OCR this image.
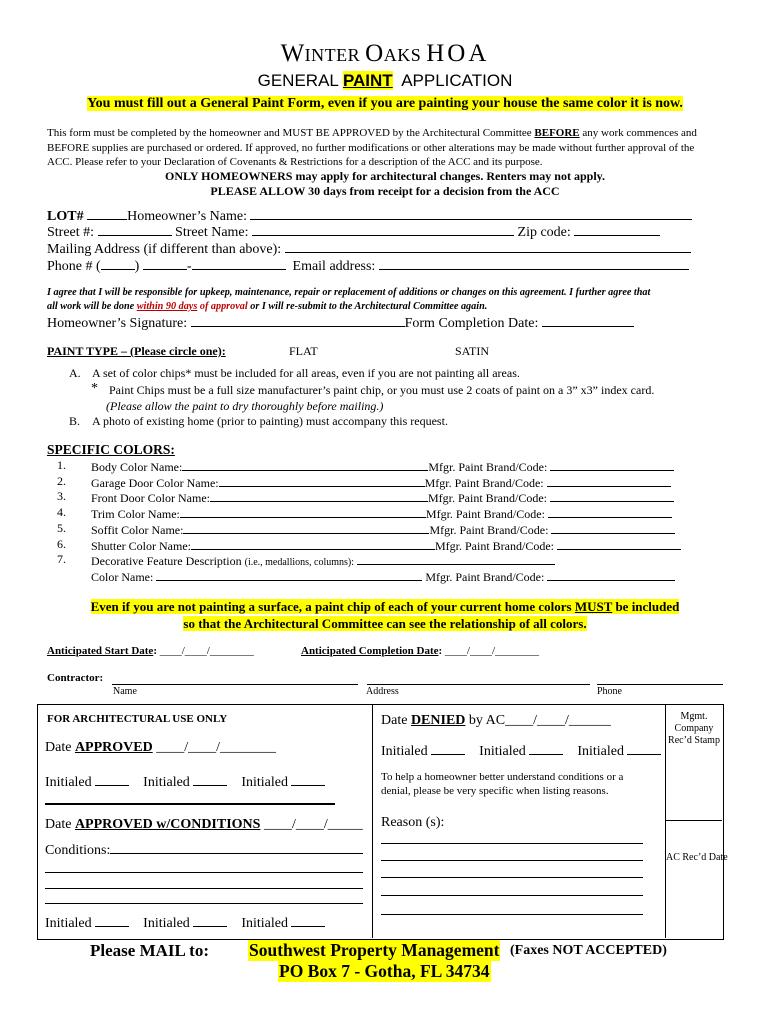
WINTER OAKS HOA
GENERAL PAINT  APPLICATION
You must fill out a General Paint Form, even if you are painting your house the same color it is now.
This form must be completed by the homeowner and MUST BE APPROVED by the Architectural Committee BEFORE any work commences and
BEFORE supplies are purchased or ordered. If approved, no further modifications or other alterations may be made without further approval of the
ACC. Please refer to your Declaration of Covenants & Restrictions for a description of the ACC and its purpose.
ONLY HOMEOWNERS may apply for architectural changes. Renters may not apply.
PLEASE ALLOW 30 days from receipt for a decision from the ACC
LOT#	Homeowner’s Name:
Street #:	Street Name:	Zip code:
Mailing Address (if different than above):
Phone # ( )	-	Email address:
I agree that I will be responsible for upkeep, maintenance, repair or replacement of additions or changes on this agreement. I further agree that
all work will be done within 90 days of approval or I will re-submit to the Architectural Committee again.
Homeowner’s Signature:	Form Completion Date:
PAINT TYPE – (Please circle one):	FLAT	SATIN
A. A set of color chips* must be included for all areas, even if you are not painting all areas.
* Paint Chips must be a full size manufacturer’s paint chip, or you must use 2 coats of paint on a 3” x3” index card.
(Please allow the paint to dry thoroughly before mailing.)
B. A photo of existing home (prior to painting) must accompany this request.
SPECIFIC COLORS:
1. Body Color Name:	Mfgr. Paint Brand/Code:
2. Garage Door Color Name:	Mfgr. Paint Brand/Code:
3. Front Door Color Name:	Mfgr. Paint Brand/Code:
4. Trim Color Name:	Mfgr. Paint Brand/Code:
5. Soffit Color Name:	Mfgr. Paint Brand/Code:
6. Shutter Color Name:	Mfgr. Paint Brand/Code:
Decorative Feature Description (i.e., medallions, columns):
7.
Color Name:	Mfgr. Paint Brand/Code:
Even if you are not painting a surface, a paint chip of each of your current home colors MUST be included
so that the Architectural Committee can see the relationship of all colors.
Anticipated Start Date: ____/____/________	Anticipated Completion Date: ____/____/________
Contractor:
Name	Address	Phone
FOR ARCHITECTURAL USE ONLY
Date APPROVED ____/____/________
Initialed	Initialed	Initialed
Date APPROVED w/CONDITIONS ____/____/_____
Conditions:
Initialed	Initialed	Initialed
Date DENIED by AC____/____/______
Initialed	Initialed	Initialed
To help a homeowner better understand conditions or a denial, please be very specific when listing reasons.
Reason (s):
Mgmt. Company Rec’d Stamp
AC Rec’d Date
Please MAIL to: Southwest Property Management (Faxes NOT ACCEPTED)
PO Box 7 - Gotha, FL 34734
